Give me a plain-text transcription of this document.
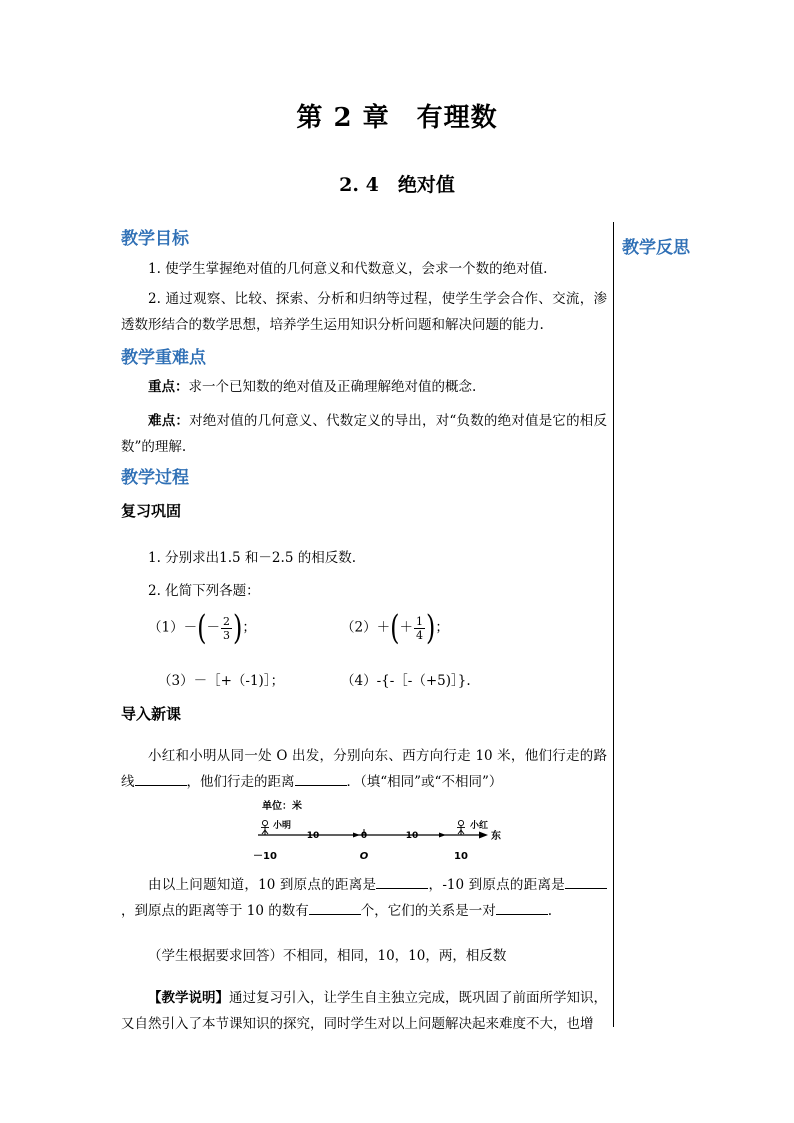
第 2 章　有理数
2. 4　绝对值
教学反思
教学目标
1. 使学生掌握绝对值的几何意义和代数意义，会求一个数的绝对值.
2. 通过观察、比较、探索、分析和归纳等过程，使学生学会合作、交流，渗透数形结合的数学思想，培养学生运用知识分析问题和解决问题的能力.
教学重难点
重点：求一个已知数的绝对值及正确理解绝对值的概念.
难点：对绝对值的几何意义、代数定义的导出，对“负数的绝对值是它的相反数”的理解.
教学过程
复习巩固
1. 分别求出1.5 和－2.5 的相反数.
2. 化简下列各题：
$(1)-(- \frac{2}{3}$ )；	$(2)+(+ \frac{1}{4}$ )；
（3）－［+（-1)］；	（4）-{-［-（+5)］}.
导入新课
小红和小明从同一处 O 出发，分别向东、西方向行走 10 米，他们行走的路线	，他们行走的距离	．（填“相同”或“不相同”）
单位：米
小明	小红
10	10
0
－10	O	10
东
由以上问题知道，10 到原点的距离是	，-10 到原点的距离是，到原点的距离等于 10 的数有	个，它们的关系是一对	.
（学生根据要求回答）不相同，相同，10，10，两，相反数
【教学说明】通过复习引入，让学生自主独立完成，既巩固了前面所学知识，又自然引入了本节课知识的探究，同时学生对以上问题解决起来难度不大，也增
